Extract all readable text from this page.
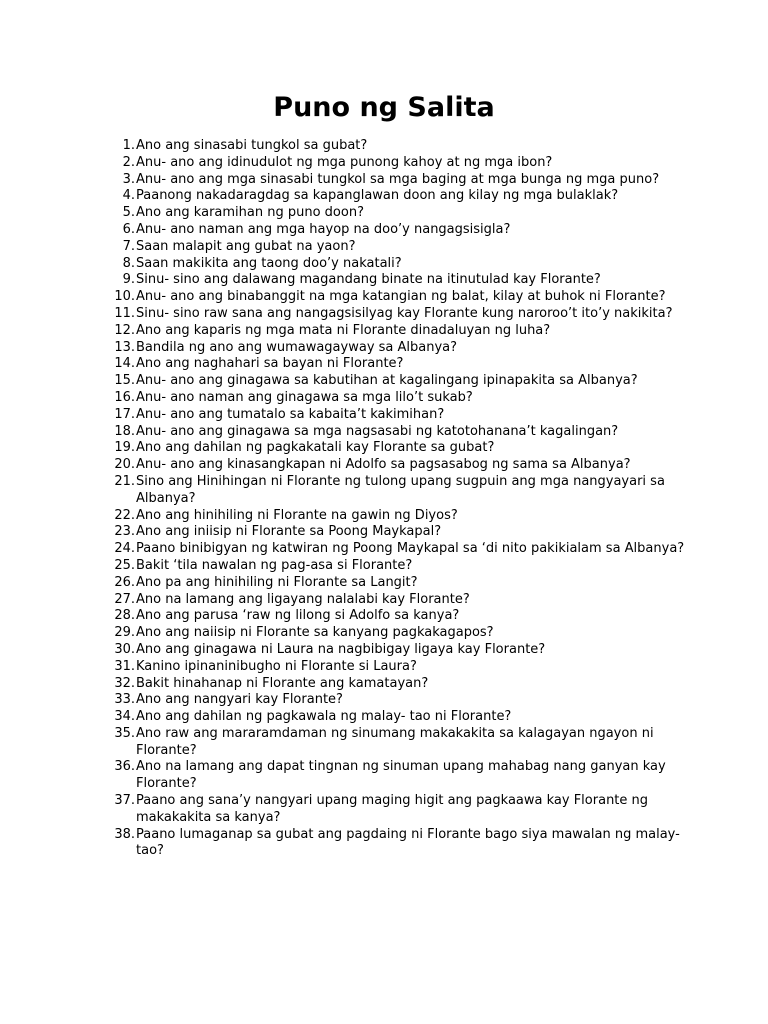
Puno ng Salita
1. Ano ang sinasabi tungkol sa gubat?
2. Anu- ano ang idinudulot ng mga punong kahoy at ng mga ibon?
3. Anu- ano ang mga sinasabi tungkol sa mga baging at mga bunga ng mga puno?
4. Paanong nakadaragdag sa kapanglawan doon ang kilay ng mga bulaklak?
5. Ano ang karamihan ng puno doon?
6. Anu- ano naman ang mga hayop na doo’y nangagsisigla?
7. Saan malapit ang gubat na yaon?
8. Saan makikita ang taong doo’y nakatali?
9. Sinu- sino ang dalawang magandang binate na itinutulad kay Florante?
10. Anu- ano ang binabanggit na mga katangian ng balat, kilay at buhok ni Florante?
11. Sinu- sino raw sana ang nangagsisilyag kay Florante kung naroroo’t ito’y nakikita?
12. Ano ang kaparis ng mga mata ni Florante dinadaluyan ng luha?
13. Bandila ng ano ang wumawagayway sa Albanya?
14. Ano ang naghahari sa bayan ni Florante?
15. Anu- ano ang ginagawa sa kabutihan at kagalingang ipinapakita sa Albanya?
16. Anu- ano naman ang ginagawa sa mga lilo’t sukab?
17. Anu- ano ang tumatalo sa kabaita’t kakimihan?
18. Anu- ano ang ginagawa sa mga nagsasabi ng katotohanana’t kagalingan?
19. Ano ang dahilan ng pagkakatali kay Florante sa gubat?
20. Anu- ano ang kinasangkapan ni Adolfo sa pagsasabog ng sama sa Albanya?
21. Sino ang Hinihingan ni Florante ng tulong upang sugpuin ang mga nangyayari sa Albanya?
22. Ano ang hinihiling ni Florante na gawin ng Diyos?
23. Ano ang iniisip ni Florante sa Poong Maykapal?
24. Paano binibigyan ng katwiran ng Poong Maykapal sa ‘di nito pakikialam sa Albanya?
25. Bakit ‘tila nawalan ng pag-asa si Florante?
26. Ano pa ang hinihiling ni Florante sa Langit?
27. Ano na lamang ang ligayang nalalabi kay Florante?
28. Ano ang parusa ‘raw ng lilong si Adolfo sa kanya?
29. Ano ang naiisip ni Florante sa kanyang pagkakagapos?
30. Ano ang ginagawa ni Laura na nagbibigay ligaya kay Florante?
31. Kanino ipinaninibugho ni Florante si Laura?
32. Bakit hinahanap ni Florante ang kamatayan?
33. Ano ang nangyari kay Florante?
34. Ano ang dahilan ng pagkawala ng malay- tao ni Florante?
35. Ano raw ang mararamdaman ng sinumang makakakita sa kalagayan ngayon ni Florante?
36. Ano na lamang ang dapat tingnan ng sinuman upang mahabag nang ganyan kay Florante?
37. Paano ang sana’y nangyari upang maging higit ang pagkaawa kay Florante ng makakakita sa kanya?
38. Paano lumaganap sa gubat ang pagdaing ni Florante bago siya mawalan ng malay- tao?
